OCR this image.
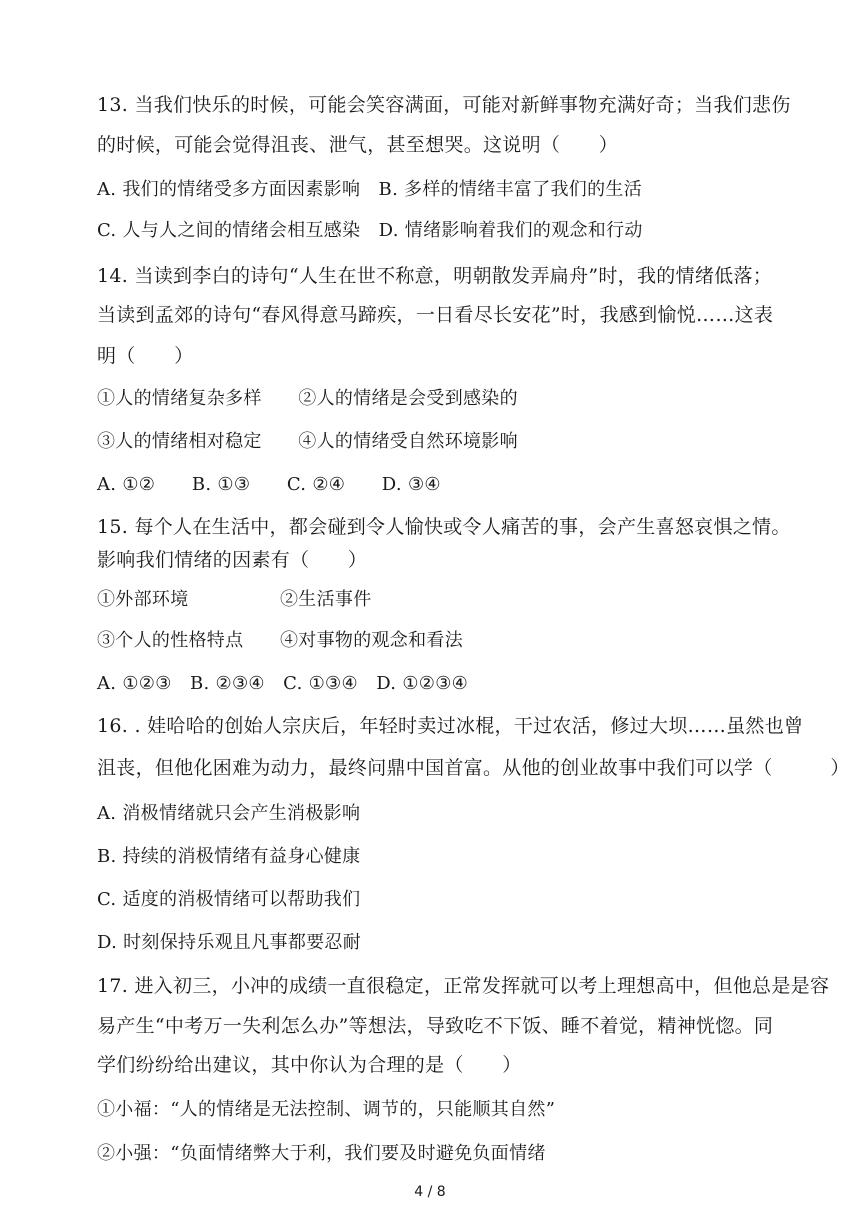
13. 当我们快乐的时候，可能会笑容满面，可能对新鲜事物充满好奇；当我们悲伤
的时候，可能会觉得沮丧、泄气，甚至想哭。这说明（　　）
A. 我们的情绪受多方面因素影响　B. 多样的情绪丰富了我们的生活
C. 人与人之间的情绪会相互感染　D. 情绪影响着我们的观念和行动
14. 当读到李白的诗句“人生在世不称意，明朝散发弄扁舟”时，我的情绪低落；
当读到孟郊的诗句“春风得意马蹄疾，一日看尽长安花”时，我感到愉悦……这表
明（　　）
①人的情绪复杂多样　　②人的情绪是会受到感染的
③人的情绪相对稳定　　④人的情绪受自然环境影响
A. ①②　　B. ①③　　C. ②④　　D. ③④
15. 每个人在生活中，都会碰到令人愉快或令人痛苦的事，会产生喜怒哀惧之情。
影响我们情绪的因素有（　　）
①外部环境　　　　　②生活事件
③个人的性格特点　　④对事物的观念和看法
A. ①②③　B. ②③④　C. ①③④　D. ①②③④
16. . 娃哈哈的创始人宗庆后，年轻时卖过冰棍，干过农活，修过大坝……虽然也曾
沮丧，但他化困难为动力，最终问鼎中国首富。从他的创业故事中我们可以学（　　　）
A. 消极情绪就只会产生消极影响
B. 持续的消极情绪有益身心健康
C. 适度的消极情绪可以帮助我们
D. 时刻保持乐观且凡事都要忍耐
17. 进入初三，小冲的成绩一直很稳定，正常发挥就可以考上理想高中，但他总是是容
易产生“中考万一失利怎么办”等想法，导致吃不下饭、睡不着觉，精神恍惚。同
学们纷纷给出建议，其中你认为合理的是（　　）
①小福：“人的情绪是无法控制、调节的，只能顺其自然”
②小强：“负面情绪弊大于利，我们要及时避免负面情绪
4 / 8
